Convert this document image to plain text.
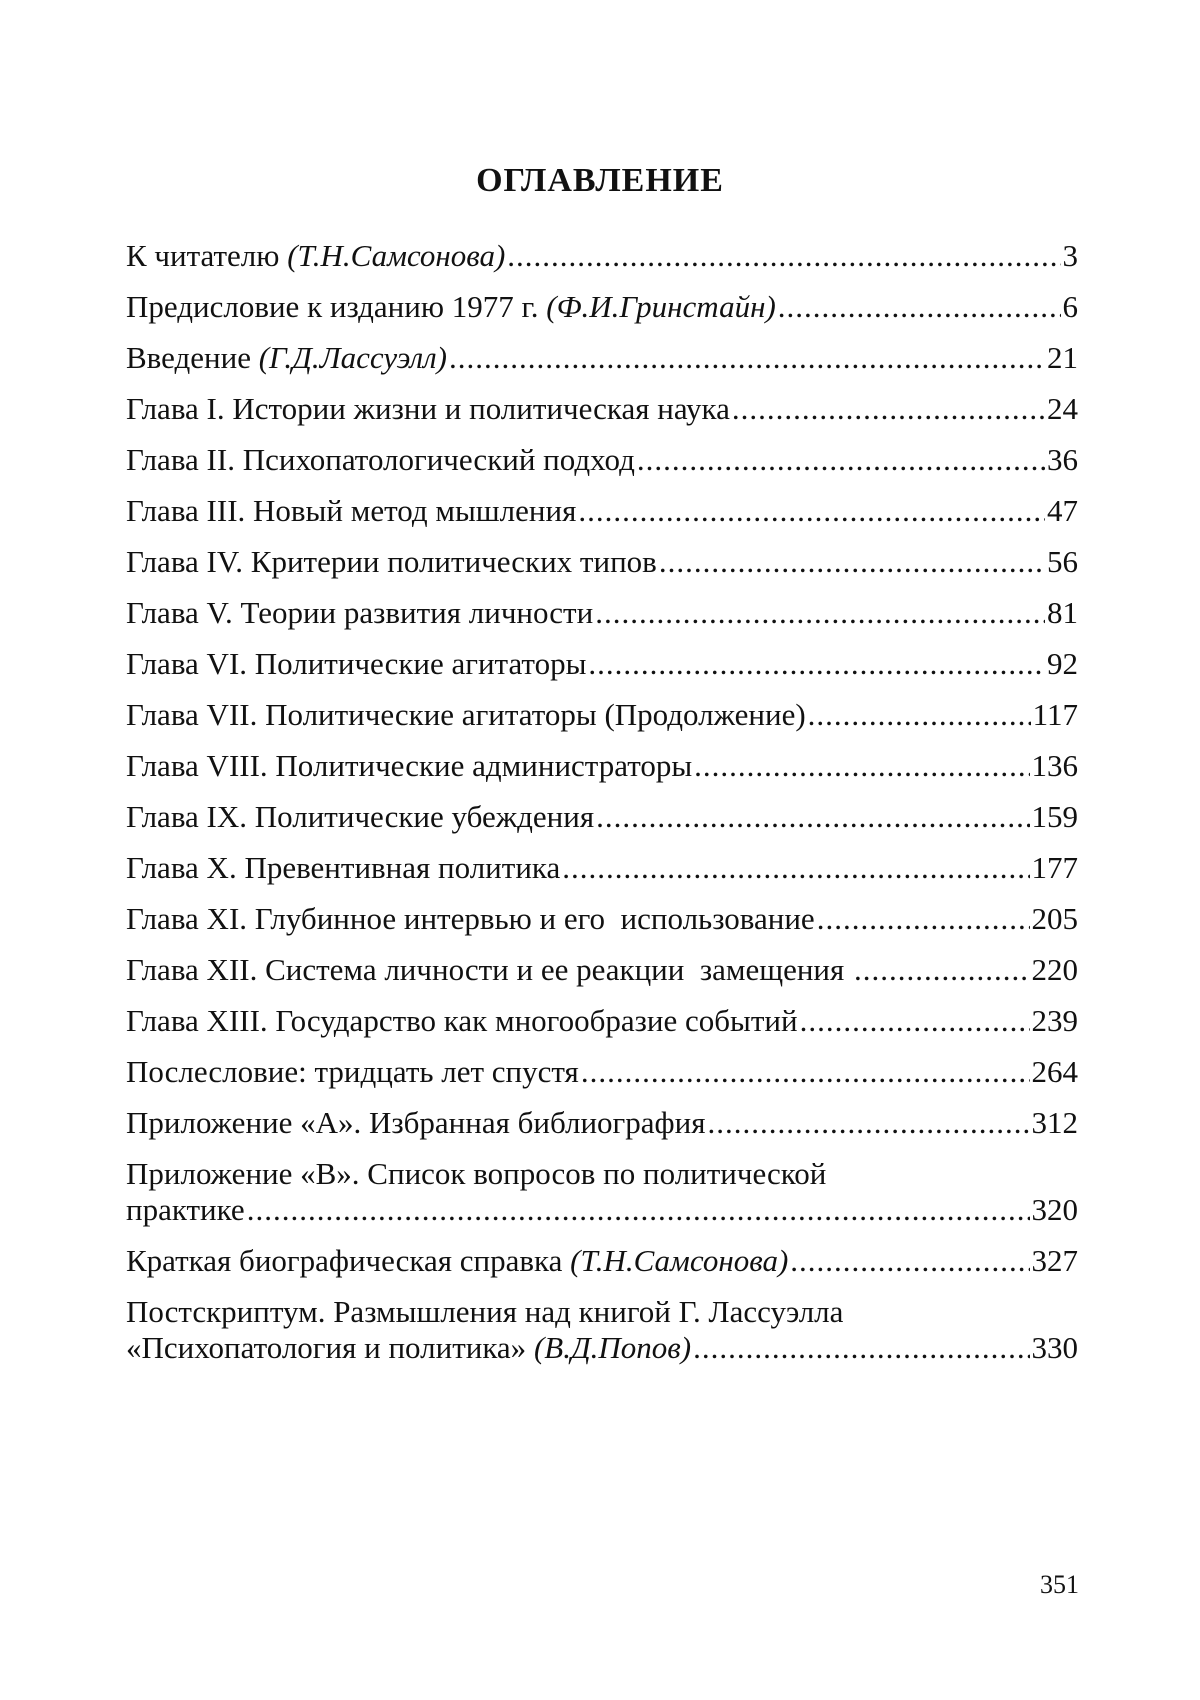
ОГЛАВЛЕНИЕ
К читателю (Т.Н.Самсонова)
.....	3
Предисловие к изданию 1977 г. (Ф.И.Гринстайн)
.....	6
Введение (Г.Д.Лассуэлл)
.....	21
Глава I. Истории жизни и политическая наука
.....	24
Глава II. Психопатологический подход
.....	36
Глава III. Новый метод мышления
.....	47
Глава IV. Критерии политических типов
.....	56
Глава V. Теории развития личности
.....	81
Глава VI. Политические агитаторы
.....	92
Глава VII. Политические агитаторы (Продолжение)
.....	117
Глава VIII. Политические администраторы
.....	136
Глава IX. Политические убеждения
.....	159
Глава X. Превентивная политика
.....	177
Глава XI. Глубинное интервью и его  использование
.....	205
Глава XII. Система личности и ее реакции  замещения
.....	220
Глава XIII. Государство как многообразие событий
.....	239
Послесловие: тридцать лет спустя
.....	264
Приложение «А». Избранная библиография
.....	312
Приложение «В». Список вопросов по политической
практике
.....	320
Краткая биографическая справка (Т.Н.Самсонова)
.....	327
Постскриптум. Размышления над книгой Г. Лассуэлла
«Психопатология и политика» (В.Д.Попов)
.....	330
351
